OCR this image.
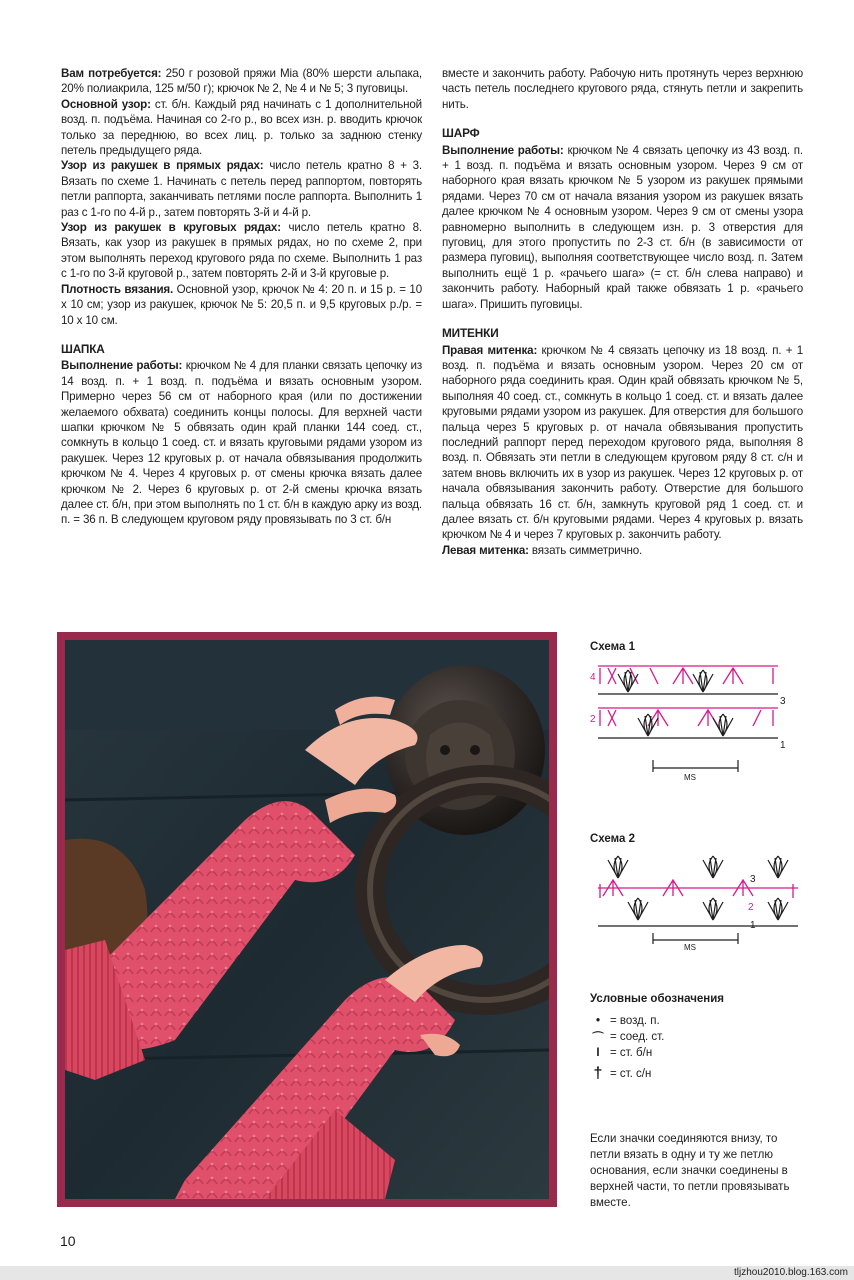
Вам потребуется: 250 г розовой пряжи Mia (80% шерсти альпака, 20% полиакрила, 125 м/50 г); крючок № 2, № 4 и № 5; 3 пуговицы.

Основной узор: ст. б/н. Каждый ряд начинать с 1 дополнительной возд. п. подъёма. Начиная со 2-го р., во всех изн. р. вводить крючок только за переднюю, во всех лиц. р. только за заднюю стенку петель предыдущего ряда.

Узор из ракушек в прямых рядах: число петель кратно 8 + 3. Вязать по схеме 1. Начинать с петель перед раппортом, повторять петли раппорта, заканчивать петлями после раппорта. Выполнить 1 раз с 1-го по 4-й р., затем повторять 3-й и 4-й р.

Узор из ракушек в круговых рядах: число петель кратно 8. Вязать, как узор из ракушек в прямых рядах, но по схеме 2, при этом выполнять переход кругового ряда по схеме. Выполнить 1 раз с 1-го по 3-й круговой р., затем повторять 2-й и 3-й круговые р.

Плотность вязания. Основной узор, крючок № 4: 20 п. и 15 р. = 10 х 10 см; узор из ракушек, крючок № 5: 20,5 п. и 9,5 круговых р./р. = 10 х 10 см.

ШАПКА

Выполнение работы: крючком № 4 для планки связать цепочку из 14 возд. п. + 1 возд. п. подъёма и вязать основным узором. Примерно через 56 см от наборного края (или по достижении желаемого обхвата) соединить концы полосы. Для верхней части шапки крючком № 5 обвязать один край планки 144 соед. ст., сомкнуть в кольцо 1 соед. ст. и вязать круговыми рядами узором из ракушек. Через 12 круговых р. от начала обвязывания продолжить крючком № 4. Через 4 круговых р. от смены крючка вязать далее крючком № 2. Через 6 круговых р. от 2-й смены крючка вязать далее ст. б/н, при этом выполнять по 1 ст. б/н в каждую арку из возд. п. = 36 п. В следующем круговом ряду провязывать по 3 ст. б/н

вместе и закончить работу. Рабочую нить протянуть через верхнюю часть петель последнего кругового ряда, стянуть петли и закрепить нить.

ШАРФ

Выполнение работы: крючком № 4 связать цепочку из 43 возд. п. + 1 возд. п. подъёма и вязать основным узором. Через 9 см от наборного края вязать крючком № 5 узором из ракушек прямыми рядами. Через 70 см от начала вязания узором из ракушек вязать далее крючком № 4 основным узором. Через 9 см от смены узора равномерно выполнить в следующем изн. р. 3 отверстия для пуговиц, для этого пропустить по 2-3 ст. б/н (в зависимости от размера пуговиц), выполняя соответствующее число возд. п. Затем выполнить ещё 1 р. «рачьего шага» (= ст. б/н слева направо) и закончить работу. Наборный край также обвязать 1 р. «рачьего шага». Пришить пуговицы.

МИТЕНКИ

Правая митенка: крючком № 4 связать цепочку из 18 возд. п. + 1 возд. п. подъёма и вязать основным узором. Через 20 см от наборного ряда соединить края. Один край обвязать крючком № 5, выполняя 40 соед. ст., сомкнуть в кольцо 1 соед. ст. и вязать далее круговыми рядами узором из ракушек. Для отверстия для большого пальца через 5 круговых р. от начала обвязывания пропустить последний раппорт перед переходом кругового ряда, выполняя 8 возд. п. Обвязать эти петли в следующем круговом ряду 8 ст. с/н и затем вновь включить их в узор из ракушек. Через 12 круговых р. от начала обвязывания закончить работу. Отверстие для большого пальца обвязать 16 ст. б/н, замкнуть круговой ряд 1 соед. ст. и далее вязать ст. б/н круговыми рядами. Через 4 круговых р. вязать крючком № 4 и через 7 круговых р. закончить работу.

Левая митенка: вязать симметрично.

Схема 1
4
3
2
1
MS
Схема 2
3
2
1
MS
Условные обозначения
• = возд. п.
⌒ = соед. ст.
I = ст. б/н
† = ст. с/н
Если значки соединяются внизу, то петли вязать в одну и ту же петлю основания, если значки соединены в верхней части, то петли провязывать вместе.
10
tljzhou2010.blog.163.com
